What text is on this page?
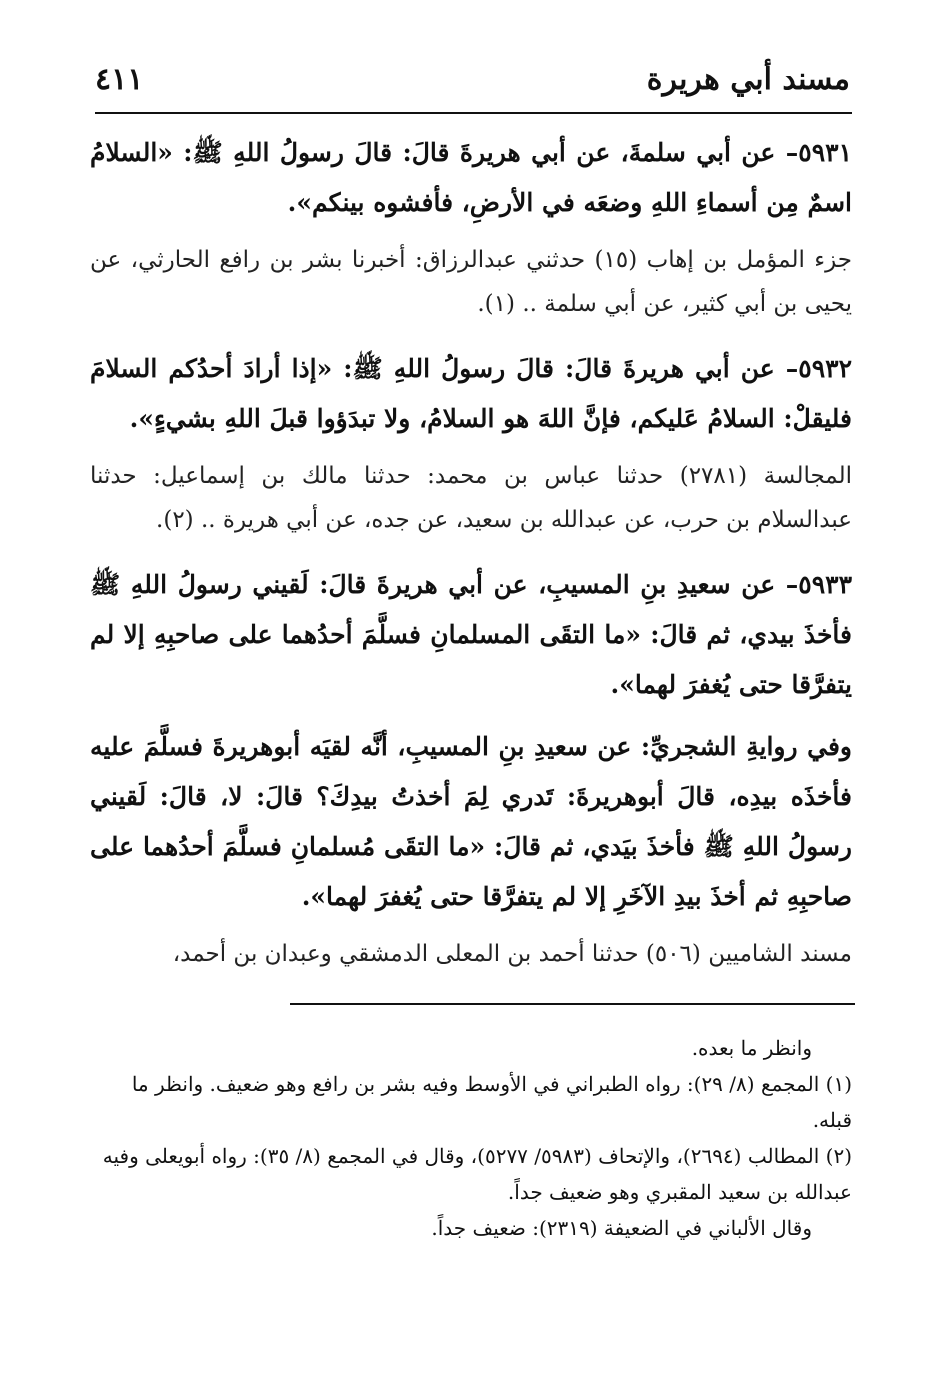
٤١١	مسند أبي هريرة

٥٩٣١– عن أبي سلمةَ، عن أبي هريرةَ قالَ: قالَ رسولُ اللهِ ﷺ: «السلامُ اسمٌ مِن أسماءِ اللهِ وضعَه في الأرضِ، فأفشوه بينكم».

جزء المؤمل بن إهاب (١٥) حدثني عبدالرزاق: أخبرنا بشر بن رافع الحارثي، عن يحيى بن أبي كثير، عن أبي سلمة .. (١).

٥٩٣٢– عن أبي هريرةَ قالَ: قالَ رسولُ اللهِ ﷺ: «إذا أرادَ أحدُكم السلامَ فليقلْ: السلامُ عَليكم، فإنَّ اللهَ هو السلامُ، ولا تبدَؤوا قبلَ اللهِ بشيءٍ».

المجالسة (٢٧٨١) حدثنا عباس بن محمد: حدثنا مالك بن إسماعيل: حدثنا عبدالسلام بن حرب، عن عبدالله بن سعيد، عن جده، عن أبي هريرة .. (٢).

٥٩٣٣– عن سعيدِ بنِ المسيبِ، عن أبي هريرةَ قالَ: لَقيني رسولُ اللهِ ﷺ فأخذَ بيدي، ثم قالَ: «ما التقَى المسلمانِ فسلَّمَ أحدُهما على صاحبِهِ إلا لم يتفرَّقا حتى يُغفرَ لهما».

وفي روايةِ الشجريِّ: عن سعيدِ بنِ المسيبِ، أنَّه لقيَه أبوهريرةَ فسلَّمَ عليه فأخذَه بيدِه، قالَ أبوهريرةَ: تَدري لِمَ أخذتُ بيدِكَ؟ قالَ: لا، قالَ: لَقيني رسولُ اللهِ ﷺ فأخذَ بيَدي، ثم قالَ: «ما التقَى مُسلمانِ فسلَّمَ أحدُهما على صاحبِهِ ثم أخذَ بيدِ الآخَرِ إلا لم يتفرَّقا حتى يُغفرَ لهما».

مسند الشاميين (٥٠٦) حدثنا أحمد بن المعلى الدمشقي وعبدان بن أحمد،

وانظر ما بعده.

(١) المجمع (٨/ ٢٩): رواه الطبراني في الأوسط وفيه بشر بن رافع وهو ضعيف. وانظر ما قبله.

(٢) المطالب (٢٦٩٤)، والإتحاف (٥٩٨٣/ ٥٢٧٧)، وقال في المجمع (٨/ ٣٥): رواه أبويعلى وفيه عبدالله بن سعيد المقبري وهو ضعيف جداً.

وقال الألباني في الضعيفة (٢٣١٩): ضعيف جداً.
